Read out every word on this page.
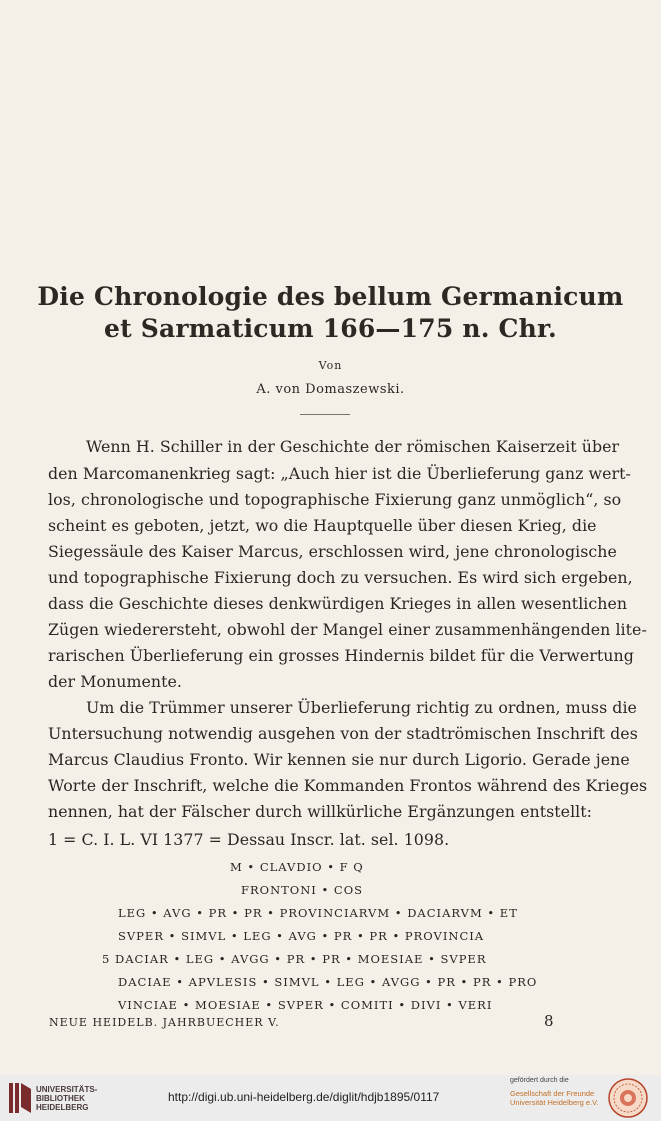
Die Chronologie des bellum Germanicum
et Sarmaticum 166—175 n. Chr.
Von
A. von Domaszewski.
Wenn H. Schiller in der Geschichte der römischen Kaiserzeit über
den Marcomanenkrieg sagt: „Auch hier ist die Überlieferung ganz wert-
los, chronologische und topographische Fixierung ganz unmöglich“, so
scheint es geboten, jetzt, wo die Hauptquelle über diesen Krieg, die
Siegessäule des Kaiser Marcus, erschlossen wird, jene chronologische
und topographische Fixierung doch zu versuchen. Es wird sich ergeben,
dass die Geschichte dieses denkwürdigen Krieges in allen wesentlichen
Zügen wiederersteht, obwohl der Mangel einer zusammenhängenden lite-
rarischen Überlieferung ein grosses Hindernis bildet für die Verwertung
der Monumente.
Um die Trümmer unserer Überlieferung richtig zu ordnen, muss die
Untersuchung notwendig ausgehen von der stadtrömischen Inschrift des
Marcus Claudius Fronto. Wir kennen sie nur durch Ligorio. Gerade jene
Worte der Inschrift, welche die Kommanden Frontos während des Krieges
nennen, hat der Fälscher durch willkürliche Ergänzungen entstellt:
1 = C. I. L. VI 1377 = Dessau Inscr. lat. sel. 1098.
M • CLAVDIO • F Q
FRONTONI • COS
LEG • AVG • PR • PR • PROVINCIARVM • DACIARVM • ET
SVPER • SIMVL • LEG • AVG • PR • PR • PROVINCIA
5 DACIAR • LEG • AVGG • PR • PR • MOESIAE • SVPER
DACIAE • APVLESIS • SIMVL • LEG • AVGG • PR • PR • PRO
VINCIAE • MOESIAE • SVPER • COMITI • DIVI • VERI
NEUE HEIDELB. JAHRBUECHER V.	8
UNIVERSITÄTS-
BIBLIOTHEK
HEIDELBERG
http://digi.ub.uni-heidelberg.de/diglit/hdjb1895/0117
gefördert durch die
Gesellschaft der Freunde
Universität Heidelberg e.V.
